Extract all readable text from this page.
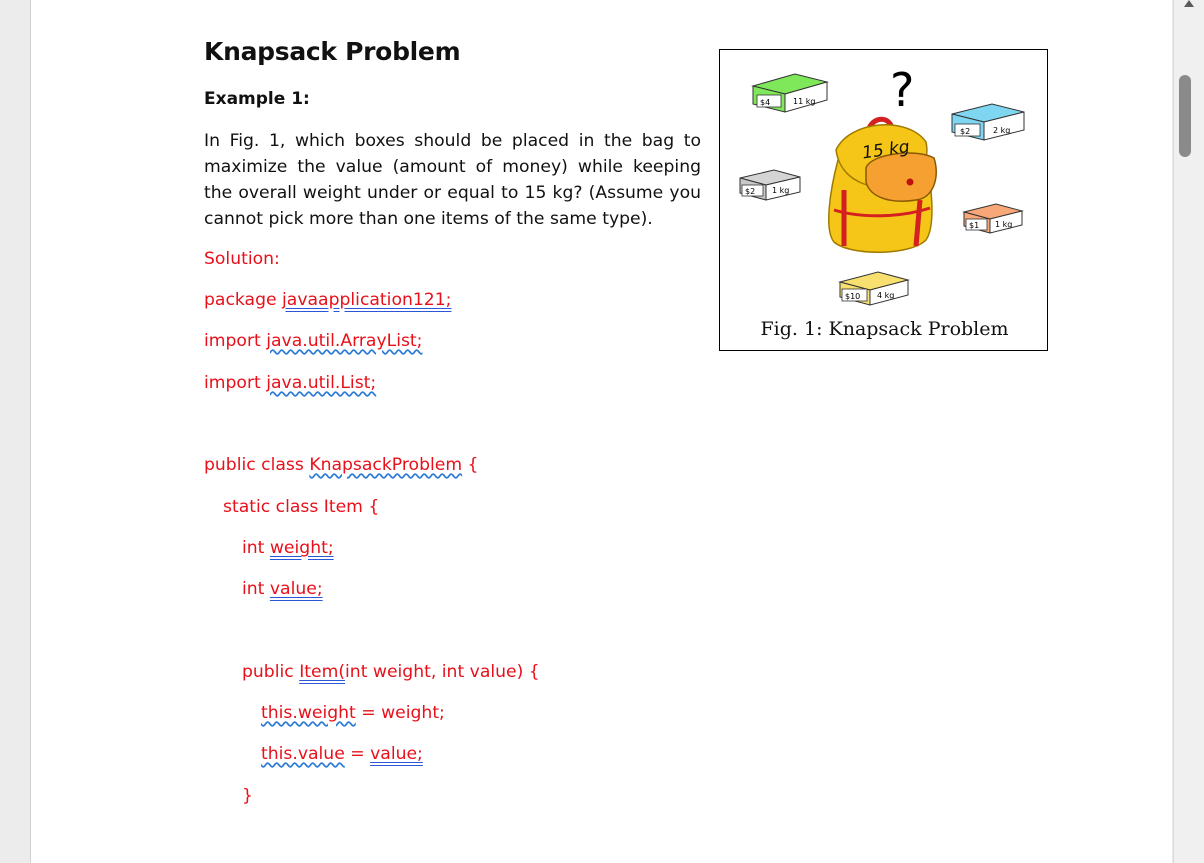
Knapsack Problem
Example 1:
In Fig. 1, which boxes should be placed in the bag to maximize the value (amount of money) while keeping the overall weight under or equal to 15 kg? (Assume you cannot pick more than one items of the same type).
Solution:
package javaapplication121;
import java.util.ArrayList;
import java.util.List;
public class KnapsackProblem {
static class Item {
int weight;
int value;
public Item(int weight, int value) {
this.weight = weight;
this.value = value;
}
?
$4	11 kg
$2	2 kg
$2 1 kg
$1 1 kg
$10 4 kg
15 kg
Fig. 1: Knapsack Problem
